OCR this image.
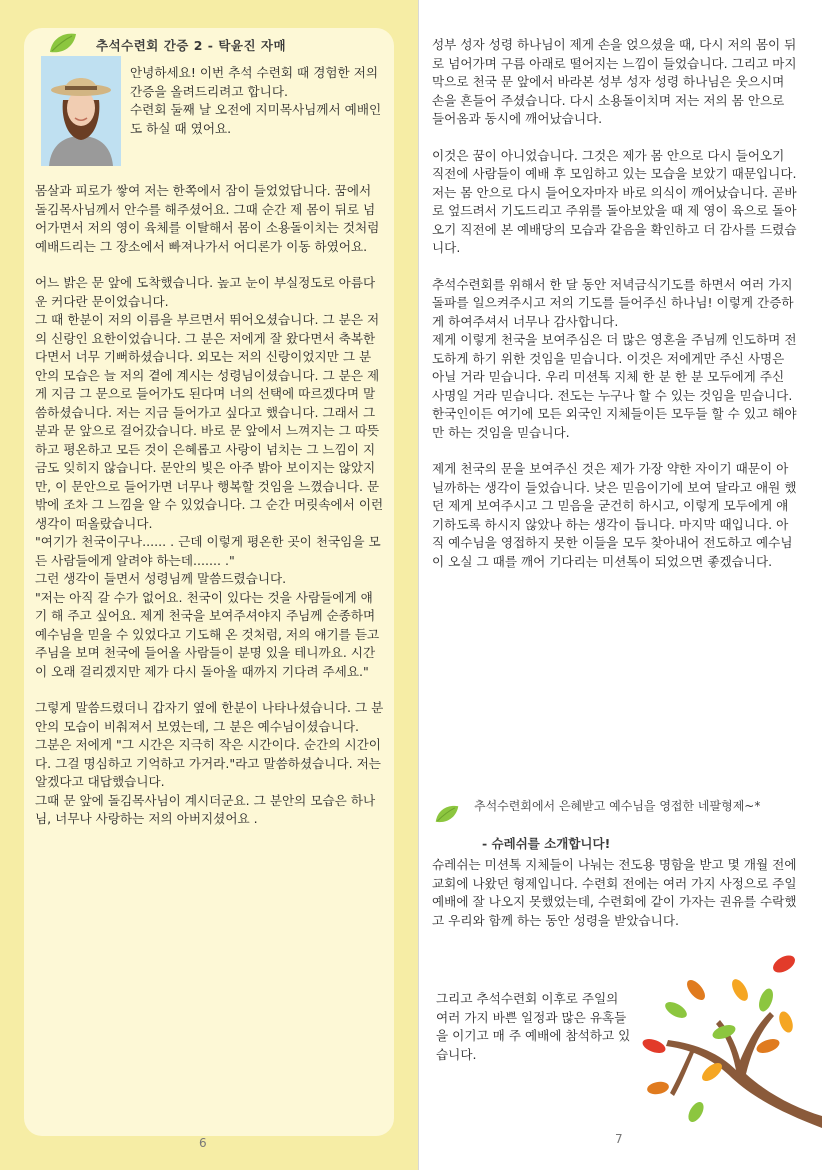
추석수련회 간증 2 - 탁윤진 자매

안녕하세요! 이번 추석 수련회 때 경험한 저의 간증을 올려드리려고 합니다.
수련회 둘째 날 오전에 지미목사님께서 예배인도 하실 때 였어요.

몸살과 피로가 쌓여 저는 한쪽에서 잠이 들었었답니다. 꿈에서 돌김목사님께서 안수를 해주셨어요. 그때 순간 제 몸이 뒤로 넘어가면서 저의 영이 육체를 이탈해서 몸이 소용돌이치는 것처럼 예배드리는 그 장소에서 빠져나가서 어디론가 이동 하였어요.

어느 밝은 문 앞에 도착했습니다. 높고 눈이 부실정도로 아름다운 커다란 문이었습니다.
그 때 한분이 저의 이름을 부르면서 뛰어오셨습니다. 그 분은 저의 신랑인 요한이었습니다. 그 분은 저에게 잘 왔다면서 축복한다면서 너무 기뻐하셨습니다. 외모는 저의 신랑이었지만 그 분 안의 모습은 늘 저의 곁에 계시는 성령님이셨습니다. 그 분은 제게 지금 그 문으로 들어가도 된다며 너의 선택에 따르겠다며 말씀하셨습니다. 저는 지금 들어가고 싶다고 했습니다. 그래서 그 분과 문 앞으로 걸어갔습니다. 바로 문 앞에서 느껴지는 그 따뜻하고 평온하고 모든 것이 은혜롭고 사랑이 넘치는 그 느낌이 지금도 잊히지 않습니다. 문안의 빛은 아주 밝아 보이지는 않았지만, 이 문안으로 들어가면 너무나 행복할 것임을 느꼈습니다. 문 밖에 조차 그 느낌을 알 수 있었습니다. 그 순간 머릿속에서 이런 생각이 떠올랐습니다.
"여기가 천국이구나...... . 근데 이렇게 평온한 곳이 천국임을 모든 사람들에게 알려야 하는데....... ."
그런 생각이 들면서 성령님께 말씀드렸습니다.
"저는 아직 갈 수가 없어요. 천국이 있다는 것을 사람들에게 얘기 해 주고 싶어요. 제게 천국을 보여주셔야지 주님께 순종하며 예수님을 믿을 수 있었다고 기도해 온 것처럼, 저의 얘기를 듣고 주님을 보며 천국에 들어올 사람들이 분명 있을 테니까요. 시간이 오래 걸리겠지만 제가 다시 돌아올 때까지 기다려 주세요."

그렇게 말씀드렸더니 갑자기 옆에 한분이 나타나셨습니다. 그 분 안의 모습이 비춰져서 보였는데, 그 분은 예수님이셨습니다.
그분은 저에게 "그 시간은 지극히 작은 시간이다. 순간의 시간이다. 그걸 명심하고 기억하고 가거라."라고 말씀하셨습니다. 저는 알겠다고 대답했습니다.
그때 문 앞에 돌김목사님이 계시더군요. 그 분안의 모습은 하나님, 너무나 사랑하는 저의 아버지셨어요 .

6

성부 성자 성령 하나님이 제게 손을 얹으셨을 때, 다시 저의 몸이 뒤로 넘어가며 구름 아래로 떨어지는 느낌이 들었습니다. 그리고 마지막으로 천국 문 앞에서 바라본 성부 성자 성령 하나님은 웃으시며 손을 흔들어 주셨습니다. 다시 소용돌이치며 저는 저의 몸 안으로 들어옴과 동시에 깨어났습니다.

이것은 꿈이 아니었습니다. 그것은 제가 몸 안으로 다시 들어오기 직전에 사람들이 예배 후 모임하고 있는 모습을 보았기 때문입니다. 저는 몸 안으로 다시 들어오자마자 바로 의식이 깨어났습니다. 곧바로 엎드려서 기도드리고 주위를 돌아보았을 때 제 영이 육으로 돌아오기 직전에 본 예배당의 모습과 같음을 확인하고 더 감사를 드렸습니다.

추석수련회를 위해서 한 달 동안 저녁금식기도를 하면서 여러 가지 돌파를 일으켜주시고 저의 기도를 들어주신 하나님! 이렇게 간증하게 하여주셔서 너무나 감사합니다.
제게 이렇게 천국을 보여주심은 더 많은 영혼을 주님께 인도하며 전도하게 하기 위한 것임을 믿습니다. 이것은 저에게만 주신 사명은 아닐 거라 믿습니다. 우리 미션톡 지체 한 분 한 분 모두에게 주신 사명일 거라 믿습니다. 전도는 누구나 할 수 있는 것임을 믿습니다. 한국인이든 여기에 모든 외국인 지체들이든 모두들 할 수 있고 해야만 하는 것임을 믿습니다.

제게 천국의 문을 보여주신 것은 제가 가장 약한 자이기 때문이 아닐까하는 생각이 들었습니다. 낮은 믿음이기에 보여 달라고 애원 했던 제게 보여주시고 그 믿음을 굳건히 하시고, 이렇게 모두에게 얘기하도록 하시지 않았나 하는 생각이 듭니다. 마지막 때입니다. 아직 예수님을 영접하지 못한 이들을 모두 찾아내어 전도하고 예수님이 오실 그 때를 깨어 기다리는 미션톡이 되었으면 좋겠습니다.

추석수련회에서 은혜받고 예수님을 영접한 네팔형제~*
- 슈레쉬를 소개합니다!

슈레쉬는 미션톡 지체들이 나눠는 전도용 명함을 받고 몇 개월 전에 교회에 나왔던 형제입니다. 수련회 전에는 여러 가지 사정으로 주일 예배에 잘 나오지 못했었는데, 수련회에 같이 가자는 권유를 수락했고 우리와 함께 하는 동안 성령을 받았습니다.

그리고 추석수련회 이후로 주일의 여러 가지 바쁜 일정과 많은 유혹들을 이기고 매 주 예배에 참석하고 있습니다.

7
